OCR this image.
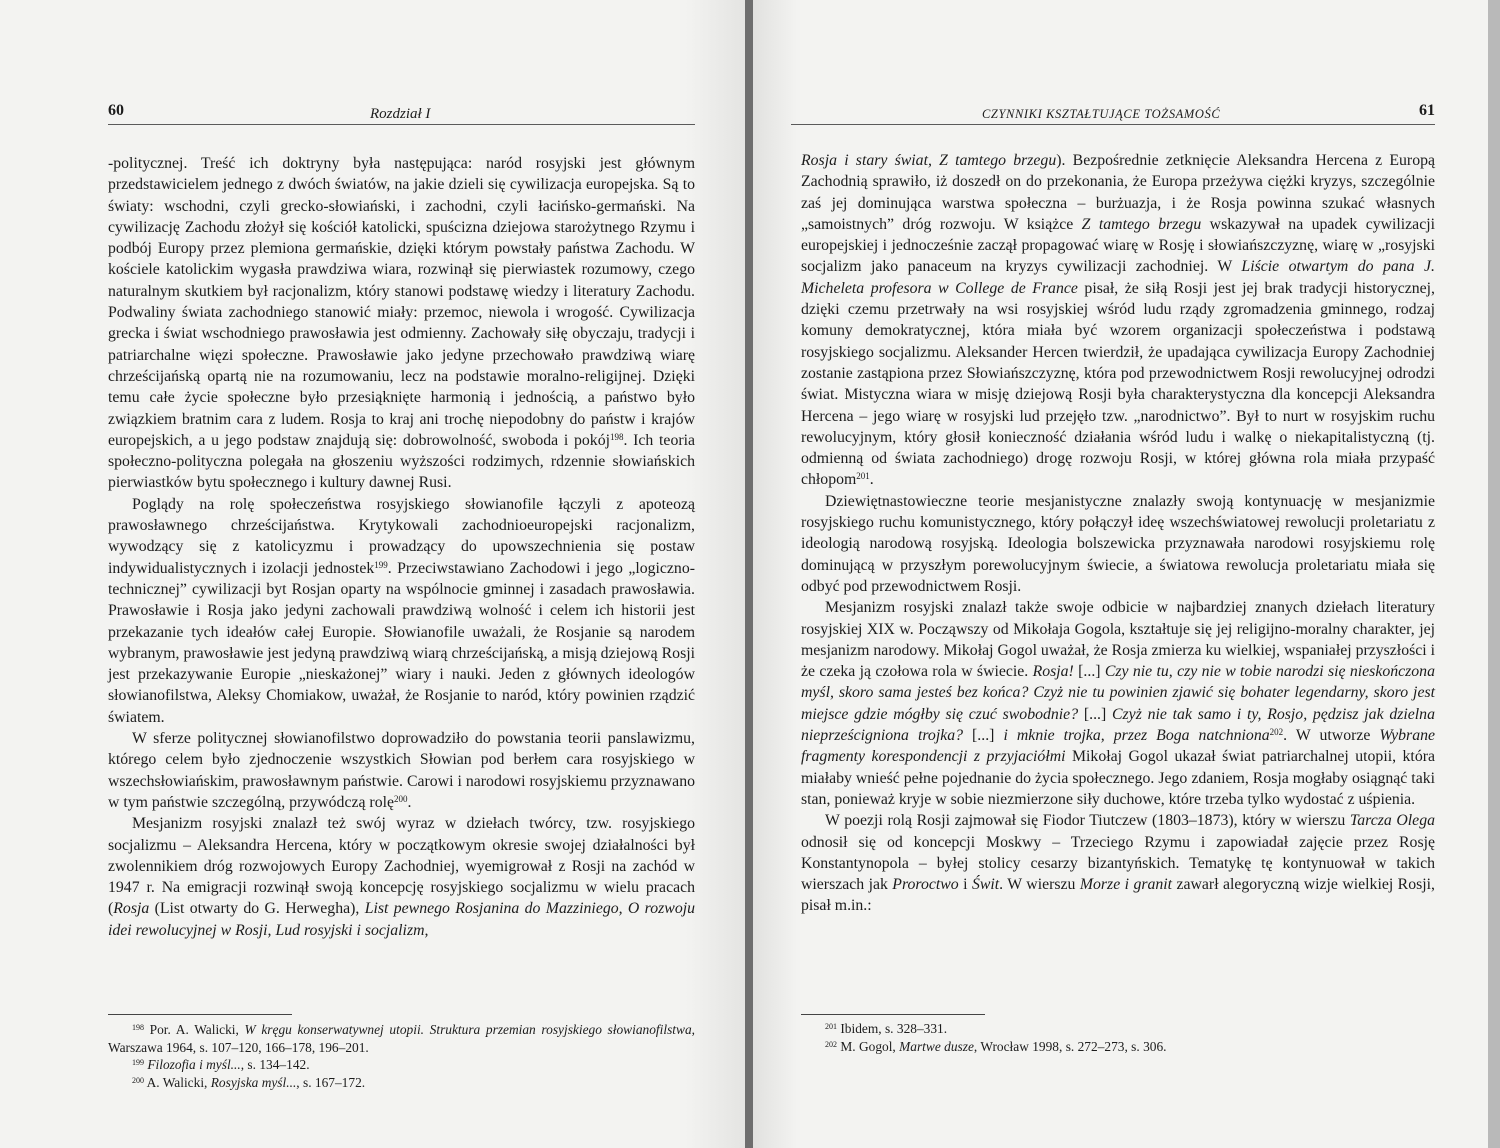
60	Rozdział I

-politycznej. Treść ich doktryny była następująca: naród rosyjski jest głównym przedstawicielem jednego z dwóch światów, na jakie dzieli się cywilizacja europejska. Są to światy: wschodni, czyli grecko-słowiański, i zachodni, czyli łacińsko-germański. Na cywilizację Zachodu złożył się kościół katolicki, spuścizna dziejowa starożytnego Rzymu i podbój Europy przez plemiona germańskie, dzięki którym powstały państwa Zachodu. W kościele katolickim wygasła prawdziwa wiara, rozwinął się pierwiastek rozumowy, czego naturalnym skutkiem był racjonalizm, który stanowi podstawę wiedzy i literatury Zachodu. Podwaliny świata zachodniego stanowić miały: przemoc, niewola i wrogość. Cywilizacja grecka i świat wschodniego prawosławia jest odmienny. Zachowały siłę obyczaju, tradycji i patriarchalne więzi społeczne. Prawosławie jako jedyne przechowało prawdziwą wiarę chrześcijańską opartą nie na rozumowaniu, lecz na podstawie moralno-religijnej. Dzięki temu całe życie społeczne było przesiąknięte harmonią i jednością, a państwo było związkiem bratnim cara z ludem. Rosja to kraj ani trochę niepodobny do państw i krajów europejskich, a u jego podstaw znajdują się: dobrowolność, swoboda i pokój$^{198}$. Ich teoria społeczno-polityczna polegała na głoszeniu wyższości rodzimych, rdzennie słowiańskich pierwiastków bytu społecznego i kultury dawnej Rusi.

Poglądy na rolę społeczeństwa rosyjskiego słowianofile łączyli z apoteozą prawosławnego chrześcijaństwa. Krytykowali zachodnioeuropejski racjonalizm, wywodzący się z katolicyzmu i prowadzący do upowszechnienia się postaw indywidualistycznych i izolacji jednostek$^{199}$. Przeciwstawiano Zachodowi i jego „logiczno-technicznej” cywilizacji byt Rosjan oparty na wspólnocie gminnej i zasadach prawosławia. Prawosławie i Rosja jako jedyni zachowali prawdziwą wolność i celem ich historii jest przekazanie tych ideałów całej Europie. Słowianofile uważali, że Rosjanie są narodem wybranym, prawosławie jest jedyną prawdziwą wiarą chrześcijańską, a misją dziejową Rosji jest przekazywanie Europie „nieskażonej” wiary i nauki. Jeden z głównych ideologów słowianofilstwa, Aleksy Chomiakow, uważał, że Rosjanie to naród, który powinien rządzić światem.

W sferze politycznej słowianofilstwo doprowadziło do powstania teorii panslawizmu, którego celem było zjednoczenie wszystkich Słowian pod berłem cara rosyjskiego w wszechsłowiańskim, prawosławnym państwie. Carowi i narodowi rosyjskiemu przyznawano w tym państwie szczególną, przywódczą rolę$^{200}$.

Mesjanizm rosyjski znalazł też swój wyraz w dziełach twórcy, tzw. rosyjskiego socjalizmu – Aleksandra Hercena, który w początkowym okresie swojej działalności był zwolennikiem dróg rozwojowych Europy Zachodniej, wyemigrował z Rosji na zachód w 1947 r. Na emigracji rozwinął swoją koncepcję rosyjskiego socjalizmu w wielu pracach (Rosja (List otwarty do G. Herwegha), List pewnego Rosjanina do Mazziniego, O rozwoju idei rewolucyjnej w Rosji, Lud rosyjski i socjalizm,

$^{198}$ Por. A. Walicki, W kręgu konserwatywnej utopii. Struktura przemian rosyjskiego słowianofilstwa, Warszawa 1964, s. 107–120, 166–178, 196–201.

$^{199}$ Filozofia i myśl..., s. 134–142.

$^{200}$ A. Walicki, Rosyjska myśl..., s. 167–172.

CZYNNIKI KSZTAŁTUJĄCE TOŻSAMOŚĆ	61

Rosja i stary świat, Z tamtego brzegu). Bezpośrednie zetknięcie Aleksandra Hercena z Europą Zachodnią sprawiło, iż doszedł on do przekonania, że Europa przeżywa ciężki kryzys, szczególnie zaś jej dominująca warstwa społeczna – burżuazja, i że Rosja powinna szukać własnych „samoistnych” dróg rozwoju. W książce Z tamtego brzegu wskazywał na upadek cywilizacji europejskiej i jednocześnie zaczął propagować wiarę w Rosję i słowiańszczyznę, wiarę w „rosyjski socjalizm jako panaceum na kryzys cywilizacji zachodniej. W Liście otwartym do pana J. Micheleta profesora w College de France pisał, że siłą Rosji jest jej brak tradycji historycznej, dzięki czemu przetrwały na wsi rosyjskiej wśród ludu rządy zgromadzenia gminnego, rodzaj komuny demokratycznej, która miała być wzorem organizacji społeczeństwa i podstawą rosyjskiego socjalizmu. Aleksander Hercen twierdził, że upadająca cywilizacja Europy Zachodniej zostanie zastąpiona przez Słowiańszczyznę, która pod przewodnictwem Rosji rewolucyjnej odrodzi świat. Mistyczna wiara w misję dziejową Rosji była charakterystyczna dla koncepcji Aleksandra Hercena – jego wiarę w rosyjski lud przejęło tzw. „narodnictwo”. Był to nurt w rosyjskim ruchu rewolucyjnym, który głosił konieczność działania wśród ludu i walkę o niekapitalistyczną (tj. odmienną od świata zachodniego) drogę rozwoju Rosji, w której główna rola miała przypaść chłopom$^{201}$.

Dziewiętnastowieczne teorie mesjanistyczne znalazły swoją kontynuację w mesjanizmie rosyjskiego ruchu komunistycznego, który połączył ideę wszechświatowej rewolucji proletariatu z ideologią narodową rosyjską. Ideologia bolszewicka przyznawała narodowi rosyjskiemu rolę dominującą w przyszłym porewolucyjnym świecie, a światowa rewolucja proletariatu miała się odbyć pod przewodnictwem Rosji.

Mesjanizm rosyjski znalazł także swoje odbicie w najbardziej znanych dziełach literatury rosyjskiej XIX w. Począwszy od Mikołaja Gogola, kształtuje się jej religijno-moralny charakter, jej mesjanizm narodowy. Mikołaj Gogol uważał, że Rosja zmierza ku wielkiej, wspaniałej przyszłości i że czeka ją czołowa rola w świecie. Rosja! [...] Czy nie tu, czy nie w tobie narodzi się nieskończona myśl, skoro sama jesteś bez końca? Czyż nie tu powinien zjawić się bohater legendarny, skoro jest miejsce gdzie mógłby się czuć swobodnie? [...] Czyż nie tak samo i ty, Rosjo, pędzisz jak dzielna nieprześcigniona trojka? [...] i mknie trojka, przez Boga natchniona$^{202}$. W utworze Wybrane fragmenty korespondencji z przyjaciółmi Mikołaj Gogol ukazał świat patriarchalnej utopii, która miałaby wnieść pełne pojednanie do życia społecznego. Jego zdaniem, Rosja mogłaby osiągnąć taki stan, ponieważ kryje w sobie niezmierzone siły duchowe, które trzeba tylko wydostać z uśpienia.

W poezji rolą Rosji zajmował się Fiodor Tiutczew (1803–1873), który w wierszu Tarcza Olega odnosił się od koncepcji Moskwy – Trzeciego Rzymu i zapowiadał zajęcie przez Rosję Konstantynopola – byłej stolicy cesarzy bizantyńskich. Tematykę tę kontynuował w takich wierszach jak Proroctwo i Świt. W wierszu Morze i granit zawarł alegoryczną wizje wielkiej Rosji, pisał m.in.:

$^{201}$ Ibidem, s. 328–331.

$^{202}$ M. Gogol, Martwe dusze, Wrocław 1998, s. 272–273, s. 306.
